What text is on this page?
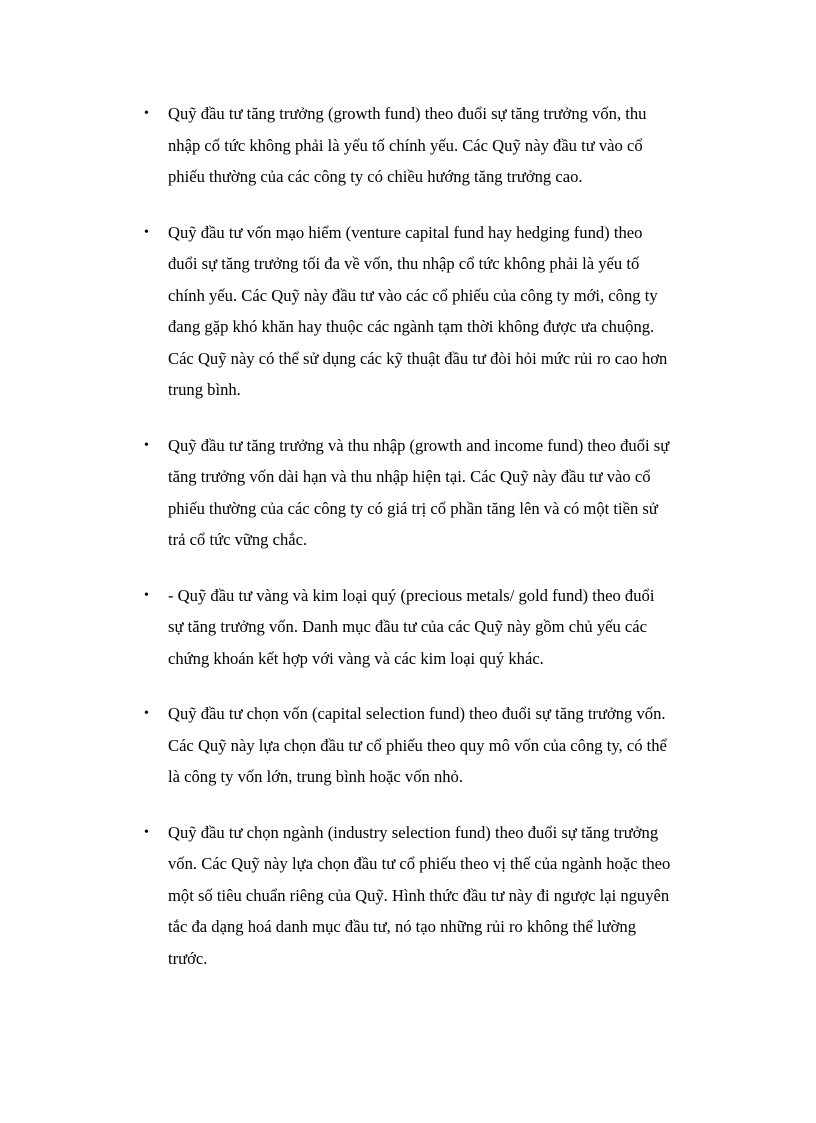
• Quỹ đầu tư tăng trưởng (growth fund) theo đuổi sự tăng trưởng vốn, thu
nhập cổ tức không phải là yếu tố chính yếu. Các Quỹ này đầu tư vào cổ
phiếu thường của các công ty có chiều hướng tăng trưởng cao.
• Quỹ đầu tư vốn mạo hiểm (venture capital fund hay hedging fund) theo
đuổi sự tăng trưởng tối đa về vốn, thu nhập cổ tức không phải là yếu tố
chính yếu. Các Quỹ này đầu tư vào các cổ phiếu của công ty mới, công ty
đang gặp khó khăn hay thuộc các ngành tạm thời không được ưa chuộng.
Các Quỹ này có thể sử dụng các kỹ thuật đầu tư đòi hỏi mức rủi ro cao hơn
trung bình.
• Quỹ đầu tư tăng trưởng và thu nhập (growth and income fund) theo đuổi sự
tăng trưởng vốn dài hạn và thu nhập hiện tại. Các Quỹ này đầu tư vào cổ
phiếu thường của các công ty có giá trị cổ phần tăng lên và có một tiền sử
trả cổ tức vững chắc.
• - Quỹ đầu tư vàng và kim loại quý (precious metals/ gold fund) theo đuổi
sự tăng trưởng vốn. Danh mục đầu tư của các Quỹ này gồm chủ yếu các
chứng khoán kết hợp với vàng và các kim loại quý khác.
• Quỹ đầu tư chọn vốn (capital selection fund) theo đuổi sự tăng trưởng vốn.
Các Quỹ này lựa chọn đầu tư cổ phiếu theo quy mô vốn của công ty, có thể
là công ty vốn lớn, trung bình hoặc vốn nhỏ.
• Quỹ đầu tư chọn ngành (industry selection fund) theo đuổi sự tăng trưởng
vốn. Các Quỹ này lựa chọn đầu tư cổ phiếu theo vị thế của ngành hoặc theo
một số tiêu chuẩn riêng của Quỹ. Hình thức đầu tư này đi ngược lại nguyên
tắc đa dạng hoá danh mục đầu tư, nó tạo những rủi ro không thể lường
trước.
